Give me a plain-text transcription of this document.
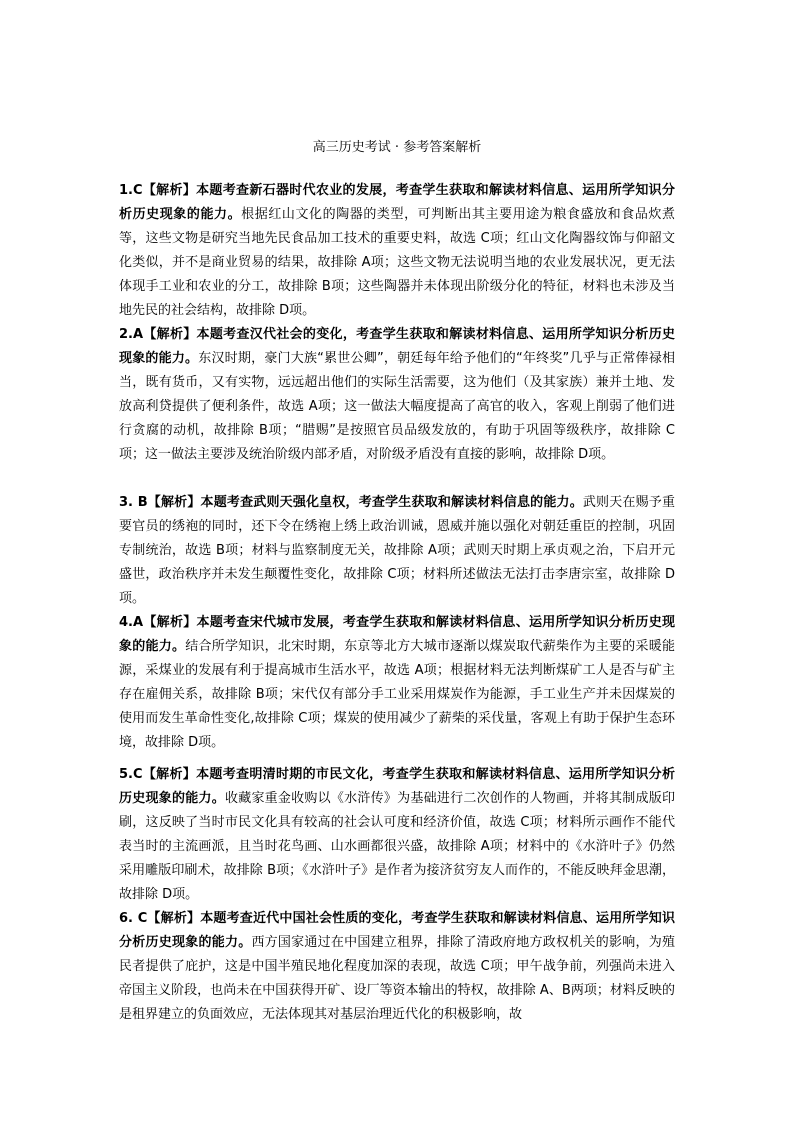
高三历史考试 · 参考答案解析
1.C【解析】本题考查新石器时代农业的发展，考查学生获取和解读材料信息、运用所学知识分析历史现象的能力。根据红山文化的陶器的类型，可判断出其主要用途为粮食盛放和食品炊煮等，这些文物是研究当地先民食品加工技术的重要史料，故选 C项；红山文化陶器纹饰与仰韶文化类似，并不是商业贸易的结果，故排除 A项；这些文物无法说明当地的农业发展状况，更无法体现手工业和农业的分工，故排除 B项；这些陶器并未体现出阶级分化的特征，材料也未涉及当地先民的社会结构，故排除 D项。
2.A【解析】本题考查汉代社会的变化，考查学生获取和解读材料信息、运用所学知识分析历史现象的能力。东汉时期，豪门大族“累世公卿”，朝廷每年给予他们的“年终奖”几乎与正常俸禄相当，既有货币，又有实物，远远超出他们的实际生活需要，这为他们（及其家族）兼并土地、发放高利贷提供了便利条件，故选 A项；这一做法大幅度提高了高官的收入，客观上削弱了他们进行贪腐的动机，故排除 B项；“腊赐”是按照官员品级发放的，有助于巩固等级秩序，故排除 C项；这一做法主要涉及统治阶级内部矛盾，对阶级矛盾没有直接的影响，故排除 D项。
3. B【解析】本题考查武则天强化皇权，考查学生获取和解读材料信息的能力。武则天在赐予重要官员的绣袍的同时，还下令在绣袍上绣上政治训诫，恩威并施以强化对朝廷重臣的控制，巩固专制统治，故选 B项；材料与监察制度无关，故排除 A项；武则天时期上承贞观之治，下启开元盛世，政治秩序并未发生颠覆性变化，故排除 C项；材料所述做法无法打击李唐宗室，故排除 D项。
4.A【解析】本题考查宋代城市发展，考查学生获取和解读材料信息、运用所学知识分析历史现象的能力。结合所学知识，北宋时期，东京等北方大城市逐渐以煤炭取代薪柴作为主要的采暖能源，采煤业的发展有利于提高城市生活水平，故选 A项；根据材料无法判断煤矿工人是否与矿主存在雇佣关系，故排除 B项；宋代仅有部分手工业采用煤炭作为能源，手工业生产并未因煤炭的使用而发生革命性变化,故排除 C项；煤炭的使用减少了薪柴的采伐量，客观上有助于保护生态环境，故排除 D项。
5.C【解析】本题考查明清时期的市民文化，考查学生获取和解读材料信息、运用所学知识分析历史现象的能力。收藏家重金收购以《水浒传》为基础进行二次创作的人物画，并将其制成版印刷，这反映了当时市民文化具有较高的社会认可度和经济价值，故选 C项；材料所示画作不能代表当时的主流画派，且当时花鸟画、山水画都很兴盛，故排除 A项；材料中的《水浒叶子》仍然采用雕版印刷术，故排除 B项；《水浒叶子》是作者为接济贫穷友人而作的，不能反映拜金思潮，故排除 D项。
6. C【解析】本题考查近代中国社会性质的变化，考查学生获取和解读材料信息、运用所学知识分析历史现象的能力。西方国家通过在中国建立租界，排除了清政府地方政权机关的影响，为殖民者提供了庇护，这是中国半殖民地化程度加深的表现，故选 C项；甲午战争前，列强尚未进入帝国主义阶段，也尚未在中国获得开矿、设厂等资本输出的特权，故排除 A、B两项；材料反映的是租界建立的负面效应，无法体现其对基层治理近代化的积极影响，故
